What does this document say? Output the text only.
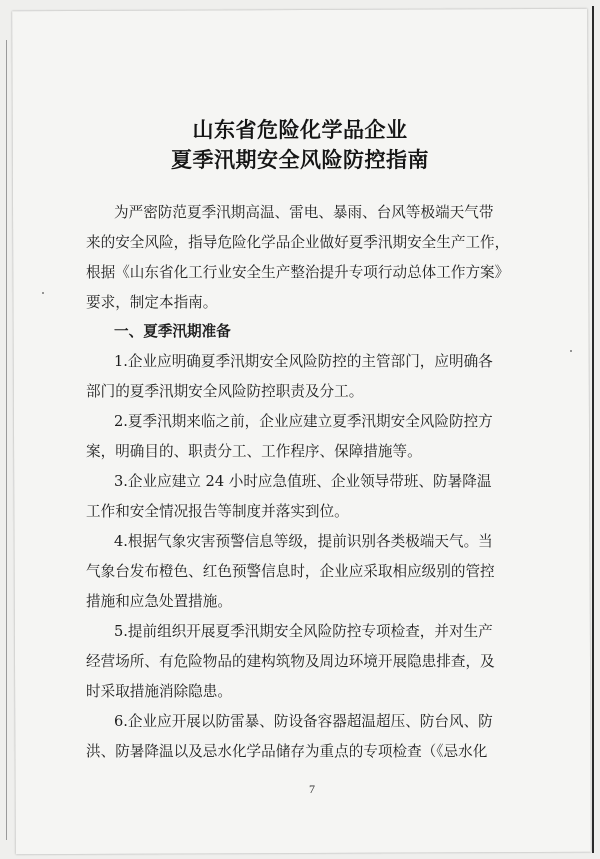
山东省危险化学品企业
夏季汛期安全风险防控指南
为严密防范夏季汛期高温、雷电、暴雨、台风等极端天气带
来的安全风险，指导危险化学品企业做好夏季汛期安全生产工作，
根据《山东省化工行业安全生产整治提升专项行动总体工作方案》
要求，制定本指南。
一、夏季汛期准备
1.企业应明确夏季汛期安全风险防控的主管部门，应明确各
部门的夏季汛期安全风险防控职责及分工。
2.夏季汛期来临之前，企业应建立夏季汛期安全风险防控方
案，明确目的、职责分工、工作程序、保障措施等。
3.企业应建立 24 小时应急值班、企业领导带班、防暑降温
工作和安全情况报告等制度并落实到位。
4.根据气象灾害预警信息等级，提前识别各类极端天气。当
气象台发布橙色、红色预警信息时，企业应采取相应级别的管控
措施和应急处置措施。
5.提前组织开展夏季汛期安全风险防控专项检查，并对生产
经营场所、有危险物品的建构筑物及周边环境开展隐患排查，及
时采取措施消除隐患。
6.企业应开展以防雷暴、防设备容器超温超压、防台风、防
洪、防暑降温以及忌水化学品储存为重点的专项检查（《忌水化
7
